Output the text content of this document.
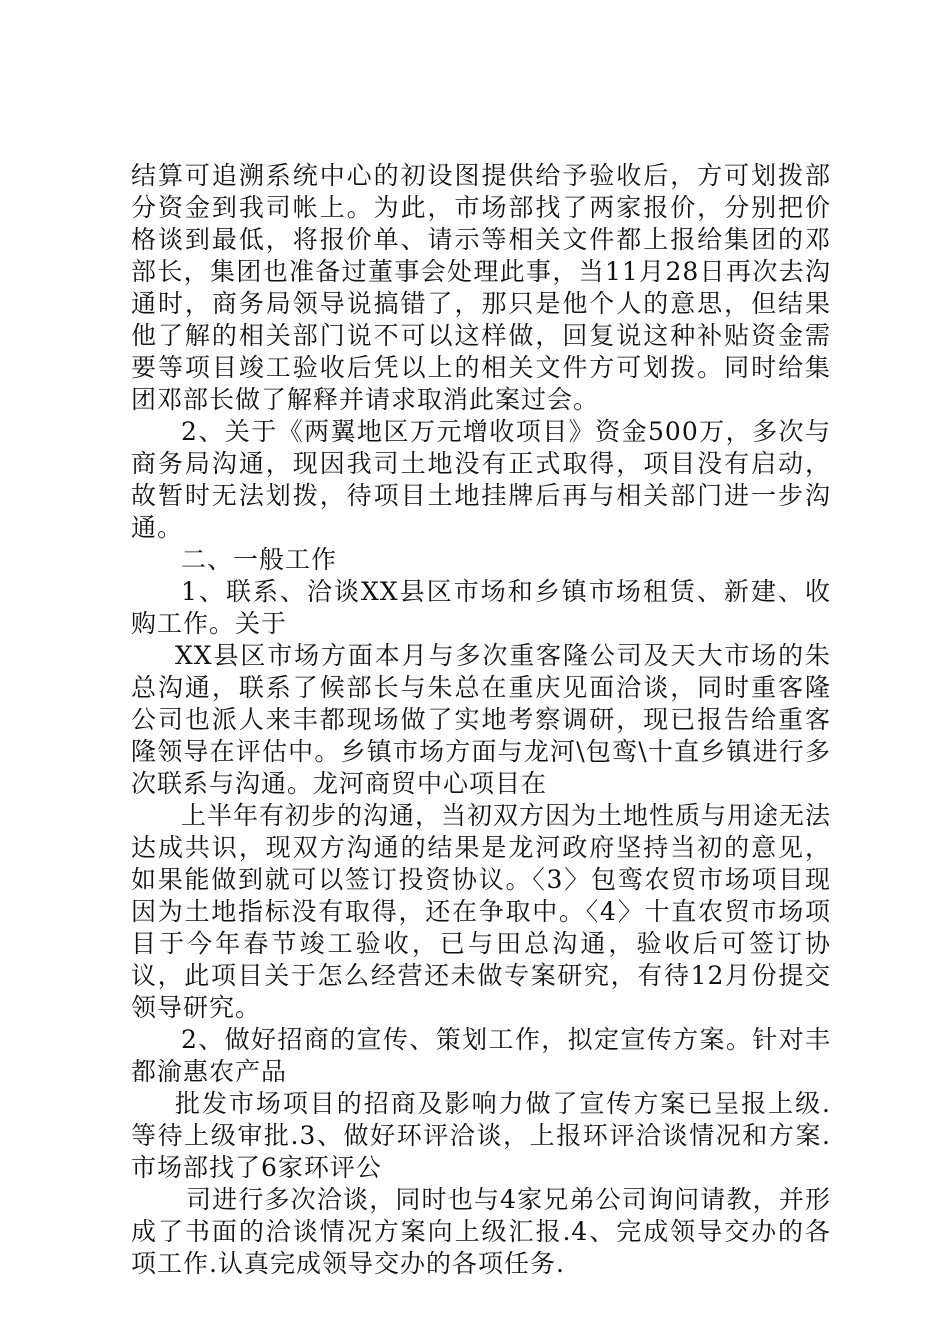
结算可追溯系统中心的初设图提供给予验收后，方可划拨部分资金到我司帐上。为此，市场部找了两家报价，分别把价格谈到最低，将报价单、请示等相关文件都上报给集团的邓部长，集团也准备过董事会处理此事，当11月28日再次去沟通时，商务局领导说搞错了，那只是他个人的意思，但结果他了解的相关部门说不可以这样做，回复说这种补贴资金需要等项目竣工验收后凭以上的相关文件方可划拨。同时给集团邓部长做了解释并请求取消此案过会。

2、关于《两翼地区万元增收项目》资金500万，多次与商务局沟通，现因我司土地没有正式取得，项目没有启动，故暂时无法划拨，待项目土地挂牌后再与相关部门进一步沟通。

二、一般工作

1、联系、洽谈XX县区市场和乡镇市场租赁、新建、收购工作。关于

XX县区市场方面本月与多次重客隆公司及天大市场的朱总沟通，联系了候部长与朱总在重庆见面洽谈，同时重客隆公司也派人来丰都现场做了实地考察调研，现已报告给重客隆领导在评估中。乡镇市场方面与龙河\包鸾\十直乡镇进行多次联系与沟通。龙河商贸中心项目在

上半年有初步的沟通，当初双方因为土地性质与用途无法达成共识，现双方沟通的结果是龙河政府坚持当初的意见，如果能做到就可以签订投资协议。〈3〉包鸾农贸市场项目现因为土地指标没有取得，还在争取中。〈4〉十直农贸市场项目于今年春节竣工验收，已与田总沟通，验收后可签订协议，此项目关于怎么经营还未做专案研究，有待12月份提交领导研究。

2、做好招商的宣传、策划工作，拟定宣传方案。针对丰都渝惠农产品

批发市场项目的招商及影响力做了宣传方案已呈报上级.等待上级审批.3、做好环评洽谈，上报环评洽谈情况和方案.市场部找了6家环评公

司进行多次洽谈，同时也与4家兄弟公司询问请教，并形成了书面的洽谈情况方案向上级汇报.4、完成领导交办的各项工作.认真完成领导交办的各项任务.
